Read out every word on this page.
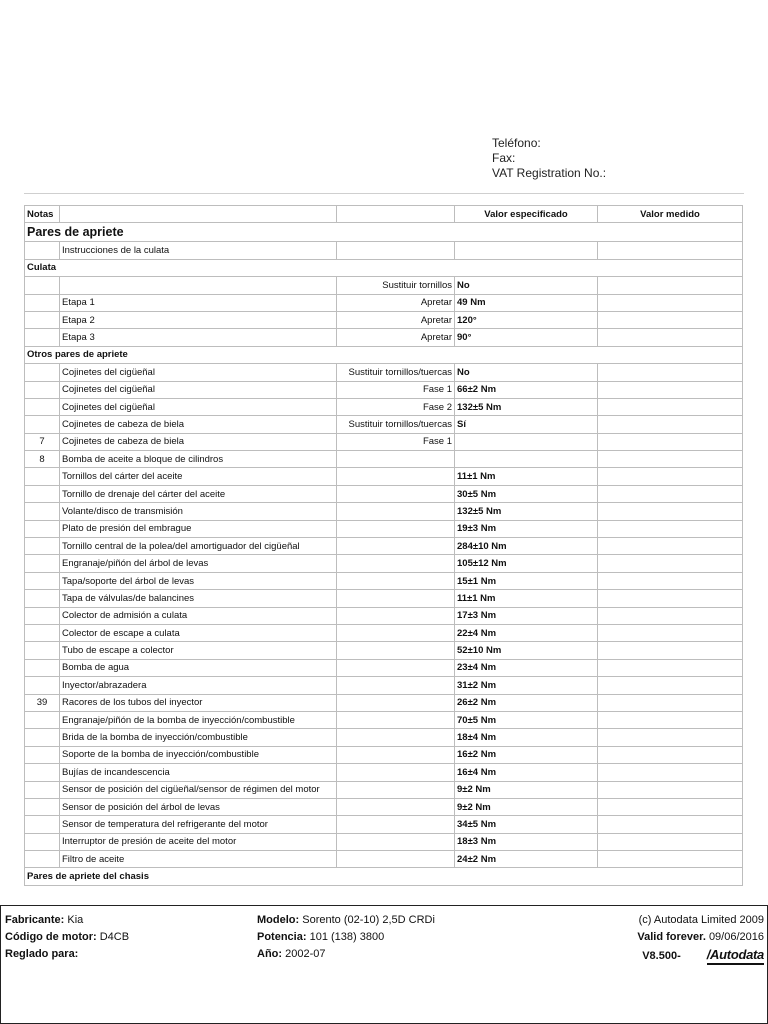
Teléfono:
Fax:
VAT Registration No.:
Notas			Valor especificado	Valor medido
Pares de apriete				
	Instrucciones de la culata			
Culata				
		Sustituir tornillos	No	
	Etapa 1	Apretar	49 Nm	
	Etapa 2	Apretar	120°	
	Etapa 3	Apretar	90°	
Otros pares de apriete				
	Cojinetes del cigüeñal	Sustituir tornillos/tuercas	No	
	Cojinetes del cigüeñal	Fase 1	66±2 Nm	
	Cojinetes del cigüeñal	Fase 2	132±5 Nm	
	Cojinetes de cabeza de biela	Sustituir tornillos/tuercas	Sí	
7	Cojinetes de cabeza de biela	Fase 1		
8	Bomba de aceite a bloque de cilindros			
	Tornillos del cárter del aceite		11±1 Nm	
	Tornillo de drenaje del cárter del aceite		30±5 Nm	
	Volante/disco de transmisión		132±5 Nm	
	Plato de presión del embrague		19±3 Nm	
	Tornillo central de la polea/del amortiguador del cigüeñal		284±10 Nm	
	Engranaje/piñón del árbol de levas		105±12 Nm	
	Tapa/soporte del árbol de levas		15±1 Nm	
	Tapa de válvulas/de balancines		11±1 Nm	
	Colector de admisión a culata		17±3 Nm	
	Colector de escape a culata		22±4 Nm	
	Tubo de escape a colector		52±10 Nm	
	Bomba de agua		23±4 Nm	
	Inyector/abrazadera		31±2 Nm	
39	Racores de los tubos del inyector		26±2 Nm	
	Engranaje/piñón de la bomba de inyección/combustible		70±5 Nm	
	Brida de la bomba de inyección/combustible		18±4 Nm	
	Soporte de la bomba de inyección/combustible		16±2 Nm	
	Bujías de incandescencia		16±4 Nm	
	Sensor de posición del cigüeñal/sensor de régimen del motor		9±2 Nm	
	Sensor de posición del árbol de levas		9±2 Nm	
	Sensor de temperatura del refrigerante del motor		34±5 Nm	
	Interruptor de presión de aceite del motor		18±3 Nm	
	Filtro de aceite		24±2 Nm	
Pares de apriete del chasis				
Fabricante: Kia
Código de motor: D4CB
Reglado para:
Modelo: Sorento (02-10) 2,5D CRDi
Potencia: 101 (138) 3800
Año: 2002-07
(c) Autodata Limited 2009
Valid forever. 09/06/2016
V8.500- /Autodata
